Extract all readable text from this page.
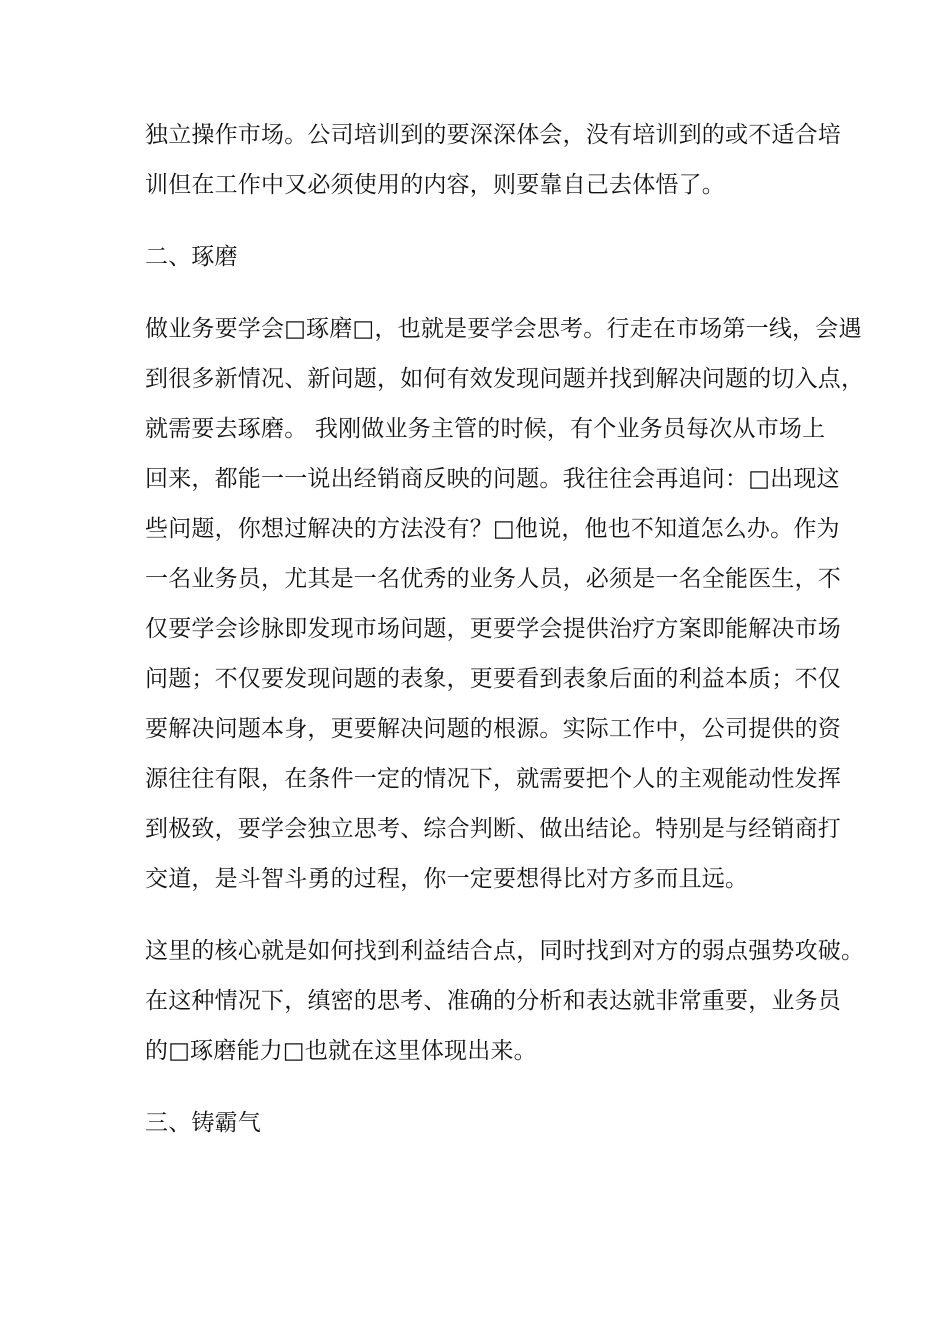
独立操作市场。公司培训到的要深深体会，没有培训到的或不适合培
训但在工作中又必须使用的内容，则要靠自己去体悟了。
二、琢磨
做业务要学会□琢磨□，也就是要学会思考。行走在市场第一线，会遇
到很多新情况、新问题，如何有效发现问题并找到解决问题的切入点，
就需要去琢磨。 我刚做业务主管的时候，有个业务员每次从市场上
回来，都能一一说出经销商反映的问题。我往往会再追问：□出现这
些问题，你想过解决的方法没有？□他说，他也不知道怎么办。作为
一名业务员，尤其是一名优秀的业务人员，必须是一名全能医生，不
仅要学会诊脉即发现市场问题，更要学会提供治疗方案即能解决市场
问题；不仅要发现问题的表象，更要看到表象后面的利益本质；不仅
要解决问题本身，更要解决问题的根源。实际工作中，公司提供的资
源往往有限，在条件一定的情况下，就需要把个人的主观能动性发挥
到极致，要学会独立思考、综合判断、做出结论。特别是与经销商打
交道，是斗智斗勇的过程，你一定要想得比对方多而且远。
这里的核心就是如何找到利益结合点，同时找到对方的弱点强势攻破。
在这种情况下，缜密的思考、准确的分析和表达就非常重要，业务员
的□琢磨能力□也就在这里体现出来。
三、铸霸气
